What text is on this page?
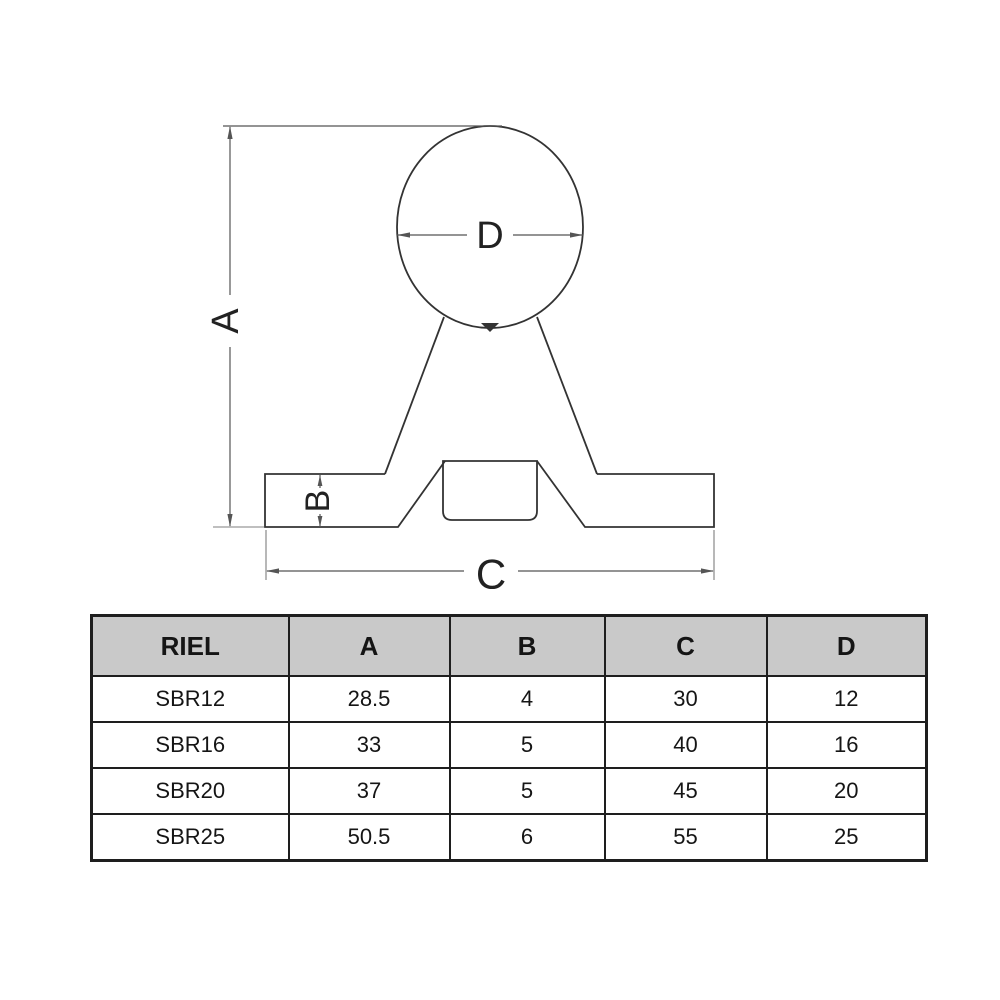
A
B
C
D
RIEL	A	B	C	D
SBR12	28.5	4	30	12
SBR16	33	5	40	16
SBR20	37	5	45	20
SBR25	50.5	6	55	25
